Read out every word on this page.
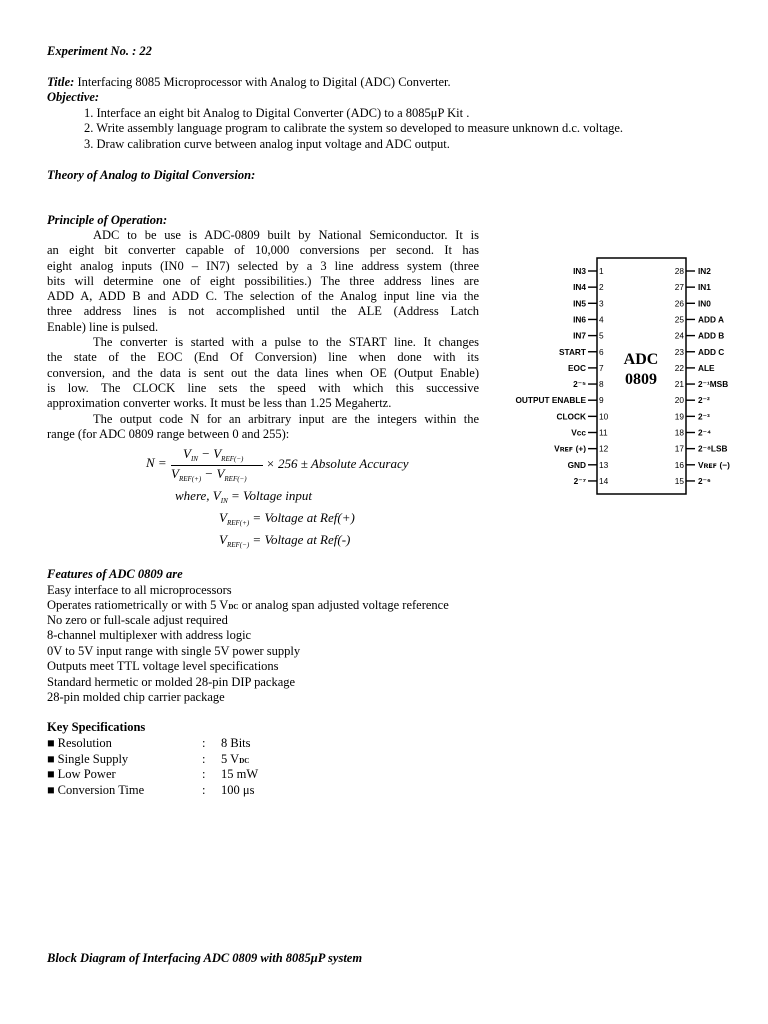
Experiment No. : 22
Title: Interfacing 8085 Microprocessor with Analog to Digital (ADC) Converter.
Objective:
1. Interface an eight bit Analog to Digital Converter (ADC) to a 8085μP Kit .
2. Write assembly language program to calibrate the system so developed to measure unknown d.c. voltage.
3. Draw calibration curve between analog input voltage and ADC output.
Theory of Analog to Digital Conversion:
Principle of Operation:
ADC to be use is ADC-0809 built by National Semiconductor. It is
an eight bit converter capable of 10,000 conversions per second. It has
eight analog inputs (IN0 – IN7) selected by a 3 line address system (three
bits will determine one of eight possibilities.) The three address lines are
ADD A, ADD B and ADD C. The selection of the Analog input line via the
three address lines is not accomplished until the ALE (Address Latch
Enable) line is pulsed.
The converter is started with a pulse to the START line. It changes
the state of the EOC (End Of Conversion) line when done with its
conversion, and the data is sent out the data lines when OE (Output Enable)
is low. The CLOCK line sets the speed with which this successive
approximation converter works. It must be less than 1.25 Megahertz.
The output code N for an arbitrary input are the integers within the
range (for ADC 0809 range between 0 and 255):
N =
$V_{IN} - V_{REF(-)}$
$V_{REF(+)} - V_{REF(-)}$
× 256 ± Absolute Accuracy
where, $V_{IN}$ = Voltage input
$V_{REF(+)}$ = Voltage at Ref(+)
$V_{REF(-)}$ = Voltage at Ref(-)
Features of ADC 0809 are
Easy interface to all microprocessors
Operates ratiometrically or with 5 VDC or analog span adjusted voltage reference
No zero or full-scale adjust required
8-channel multiplexer with address logic
0V to 5V input range with single 5V power supply
Outputs meet TTL voltage level specifications
Standard hermetic or molded 28-pin DIP package
28-pin molded chip carrier package
Key Specifications
■ Resolution	: 8 Bits
■ Single Supply	: 5 VDC
■ Low Power	: 15 mW
■ Conversion Time	: 100 μs
Block Diagram of Interfacing ADC 0809 with 8085μP system
ADC
0809
IN3 1
IN4 2
IN5 3
IN6 4
IN7 5
START 6
EOC 7
2⁻⁵ 8
OUTPUT ENABLE 9
CLOCK 10
Vᴄᴄ 11
Vʀᴇꜰ (+) 12
GND 13
2⁻⁷ 14
28 IN2
27 IN1
26 IN0
25 ADD A
24 ADD B
23 ADD C
22 ALE
21 2⁻¹MSB
20 2⁻²
19 2⁻³
18 2⁻⁴
17 2⁻⁸LSB
16 Vʀᴇꜰ (−)
15 2⁻⁶
